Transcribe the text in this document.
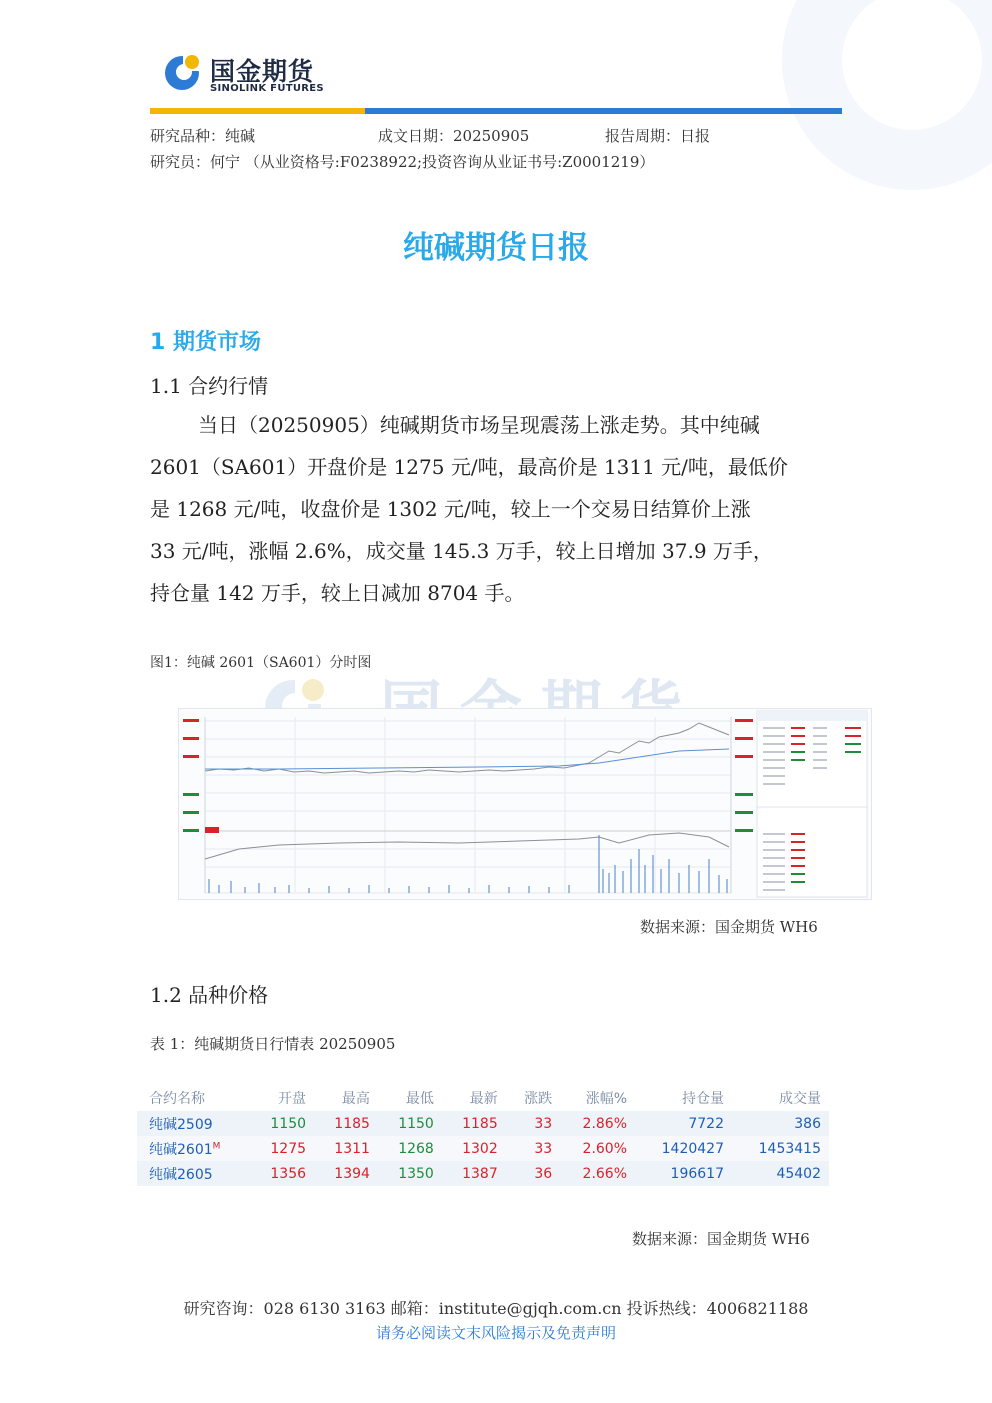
国金期货
SINOLINK FUTURES
研究品种：纯碱	成文日期：20250905	报告周期：日报
研究员：何宁 （从业资格号:F0238922;投资咨询从业证书号:Z0001219）
纯碱期货日报
1 期货市场
1.1 合约行情
当日（20250905）纯碱期货市场呈现震荡上涨走势。其中纯碱
2601（SA601）开盘价是 1275 元/吨，最高价是 1311 元/吨，最低价
是 1268 元/吨，收盘价是 1302 元/吨，较上一个交易日结算价上涨
33 元/吨，涨幅 2.6%，成交量 145.3 万手，较上日增加 37.9 万手，
持仓量 142 万手，较上日减加 8704 手。
图1：纯碱 2601（SA601）分时图
数据来源：国金期货 WH6
1.2 品种价格
表 1：纯碱期货日行情表 20250905
合约名称	开盘	最高	最低	最新	涨跌	涨幅%	持仓量	成交量
纯碱2509	1150	1185	1150	1185	33	2.86%	7722	386
纯碱$2601^M$	1275	1311	1268	1302	33	2.60%	1420427	1453415
纯碱2605	1356	1394	1350	1387	36	2.66%	196617	45402
数据来源：国金期货 WH6
研究咨询：028 6130 3163 邮箱：institute@gjqh.com.cn 投诉热线：4006821188
请务必阅读文末风险揭示及免责声明
